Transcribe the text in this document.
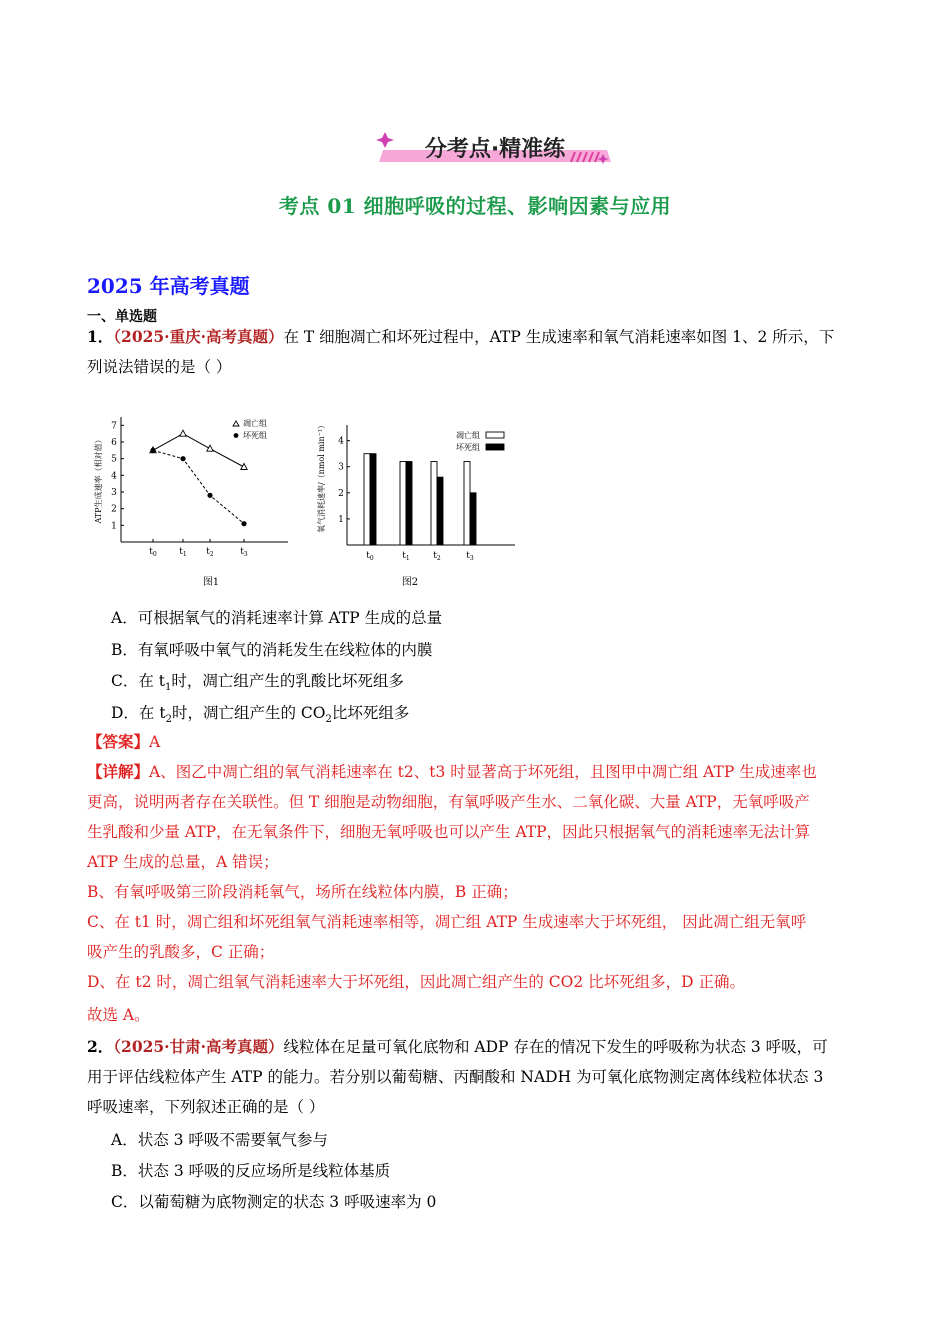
分考点·精准练
考点 01 细胞呼吸的过程、影响因素与应用
2025 年高考真题
一、单选题
1．（2025·重庆·高考真题）在 T 细胞凋亡和坏死过程中，ATP 生成速率和氧气消耗速率如图 1、2 所示，下
列说法错误的是（ ）
1
2
3
4
5
6
7
$t_0$	$t_1$ $t_2$	$t_3$
ATP生成速率（相对值）
凋亡组
坏死组
图1
1
2
3
4
$t_0$	$t_1$	$t_2$	$t_3$
氧气消耗速率/（nmol min⁻¹）	凋亡组
坏死组
图2
A．可根据氧气的消耗速率计算 ATP 生成的总量
B．有氧呼吸中氧气的消耗发生在线粒体的内膜
C．在 $t_1$时，凋亡组产生的乳酸比坏死组多
D．在 $t_2$时，凋亡组产生的 $CO_2$比坏死组多
【答案】A
【详解】A、图乙中凋亡组的氧气消耗速率在 t2、t3 时显著高于坏死组，且图甲中凋亡组 ATP 生成速率也
更高，说明两者存在关联性。但 T 细胞是动物细胞，有氧呼吸产生水、二氧化碳、大量 ATP，无氧呼吸产
生乳酸和少量 ATP，在无氧条件下，细胞无氧呼吸也可以产生 ATP，因此只根据氧气的消耗速率无法计算
ATP 生成的总量，A 错误；
B、有氧呼吸第三阶段消耗氧气，场所在线粒体内膜，B 正确；
C、在 t1 时，凋亡组和坏死组氧气消耗速率相等，凋亡组 ATP 生成速率大于坏死组， 因此凋亡组无氧呼
吸产生的乳酸多，C 正确；
D、在 t2 时，凋亡组氧气消耗速率大于坏死组，因此凋亡组产生的 CO2 比坏死组多，D 正确。

故选 A。
2．（2025·甘肃·高考真题）线粒体在足量可氧化底物和 ADP 存在的情况下发生的呼吸称为状态 3 呼吸，可
用于评估线粒体产生 ATP 的能力。若分别以葡萄糖、丙酮酸和 NADH 为可氧化底物测定离体线粒体状态 3
呼吸速率，下列叙述正确的是（ ）
A．状态 3 呼吸不需要氧气参与
B．状态 3 呼吸的反应场所是线粒体基质
C．以葡萄糖为底物测定的状态 3 呼吸速率为 0
